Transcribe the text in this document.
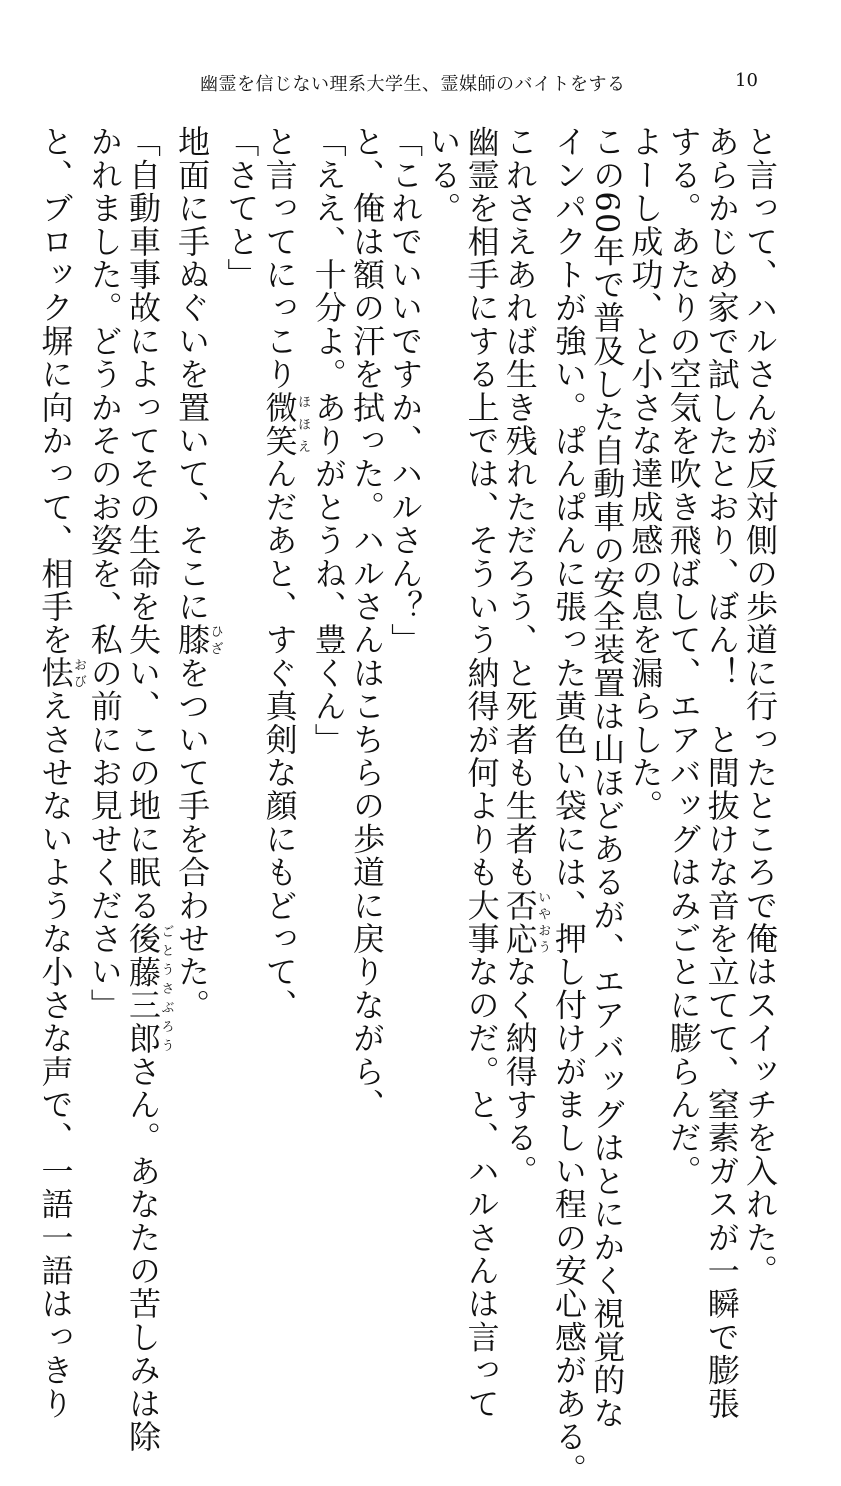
幽霊を信じない理系大学生、霊媒師のバイトをする	10
と言って、ハルさんが反対側の歩道に行ったところで俺はスイッチを入れた。
あらかじめ家で試したとおり、ぼん！　と間抜けな音を立てて、窒素ガスが一瞬で膨張
する。あたりの空気を吹き飛ばして、エアバッグはみごとに膨らんだ。
よーし成功、と小さな達成感の息を漏らした。
この60年で普及した自動車の安全装置は山ほどあるが、エアバッグはとにかく視覚的な
インパクトが強い。ぱんぱんに張った黄色い袋には、押し付けがましい程の安心感がある。
これさえあれば生き残れただろう、と死者も生者も否応いやおうなく納得する。
幽霊を相手にする上では、そういう納得が何よりも大事なのだ。と、ハルさんは言って
いる。
「これでいいですか、ハルさん？」
と、俺は額の汗を拭った。ハルさんはこちらの歩道に戻りながら、
「ええ、十分よ。ありがとうね、豊くん」
と言ってにっこり微笑ほほえんだあと、すぐ真剣な顔にもどって、
「さてと」
地面に手ぬぐいを置いて、そこに膝ひざをついて手を合わせた。
「自動車事故によってその生命を失い、この地に眠る後藤三郎ごとうさぶろうさん。あなたの苦しみは除
かれました。どうかそのお姿を、私の前にお見せください」
と、ブロック塀に向かって、相手を怯おびえさせないような小さな声で、一語一語はっきり
